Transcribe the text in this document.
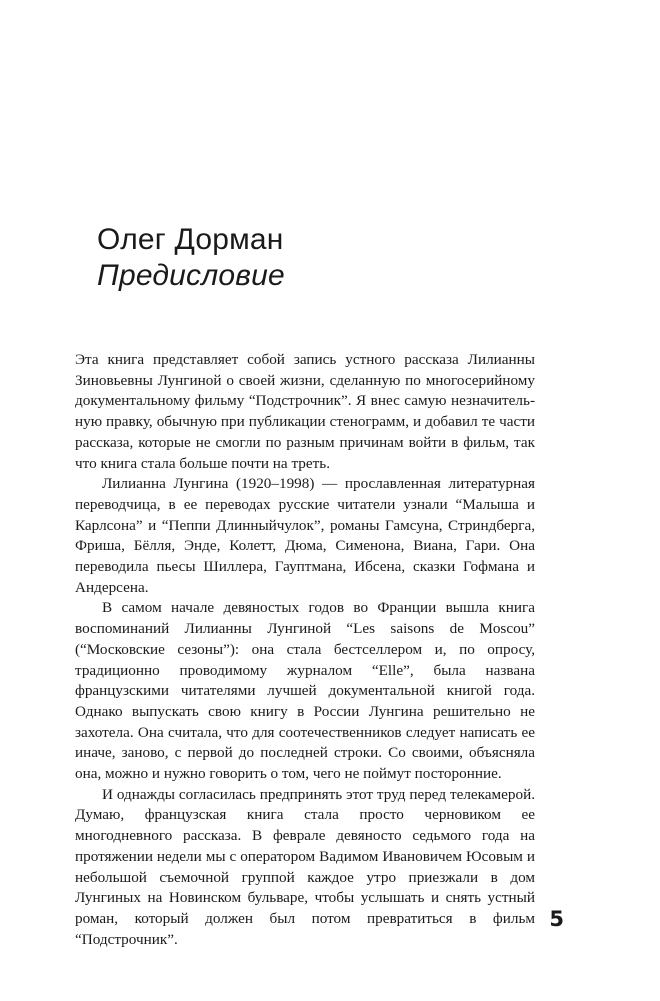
Олег Дорман
Предисловие

Эта книга представляет собой запись устного рассказа Лилианны Зиновьевны Лунгиной о своей жизни, сделанную по многосерийному документальному фильму “Подстрочник”. Я внес самую незначительную правку, обычную при публикации стенограмм, и добавил те части рассказа, которые не смогли по разным причинам войти в фильм, так что книга стала больше почти на треть.

Лилианна Лунгина (1920–1998) — прославленная литературная переводчица, в ее переводах русские читатели узнали “Малыша и Карлсона” и “Пеппи Длинныйчулок”, романы Гамсуна, Стриндберга, Фриша, Бёлля, Энде, Колетт, Дюма, Сименона, Виана, Гари. Она переводила пьесы Шиллера, Гауптмана, Ибсена, сказки Гофмана и Андерсена.

В самом начале девяностых годов во Франции вышла книга воспоминаний Лилианны Лунгиной “Les saisons de Moscou” (“Московские сезоны”): она стала бестселлером и, по опросу, традиционно проводимому журналом “Elle”, была названа французскими читателями лучшей документальной книгой года. Однако выпускать свою книгу в России Лунгина решительно не захотела. Она считала, что для соотeчественников следует написать ее иначе, заново, с первой до последней строки. Со своими, объясняла она, можно и нужно говорить о том, чего не поймут посторонние.

И однажды согласилась предпринять этот труд перед телекамерой. Думаю, французская книга стала просто черновиком ее многодневного рассказа. В феврале девяносто седьмого года на протяжении недели мы с оператором Вадимом Ивановичем Юсовым и небольшой съемочной группой каждое утро приезжали в дом Лунгиных на Новинском бульваре, чтобы услышать и снять устный роман, который должен был потом превратиться в фильм “Подстрочник”.

5
